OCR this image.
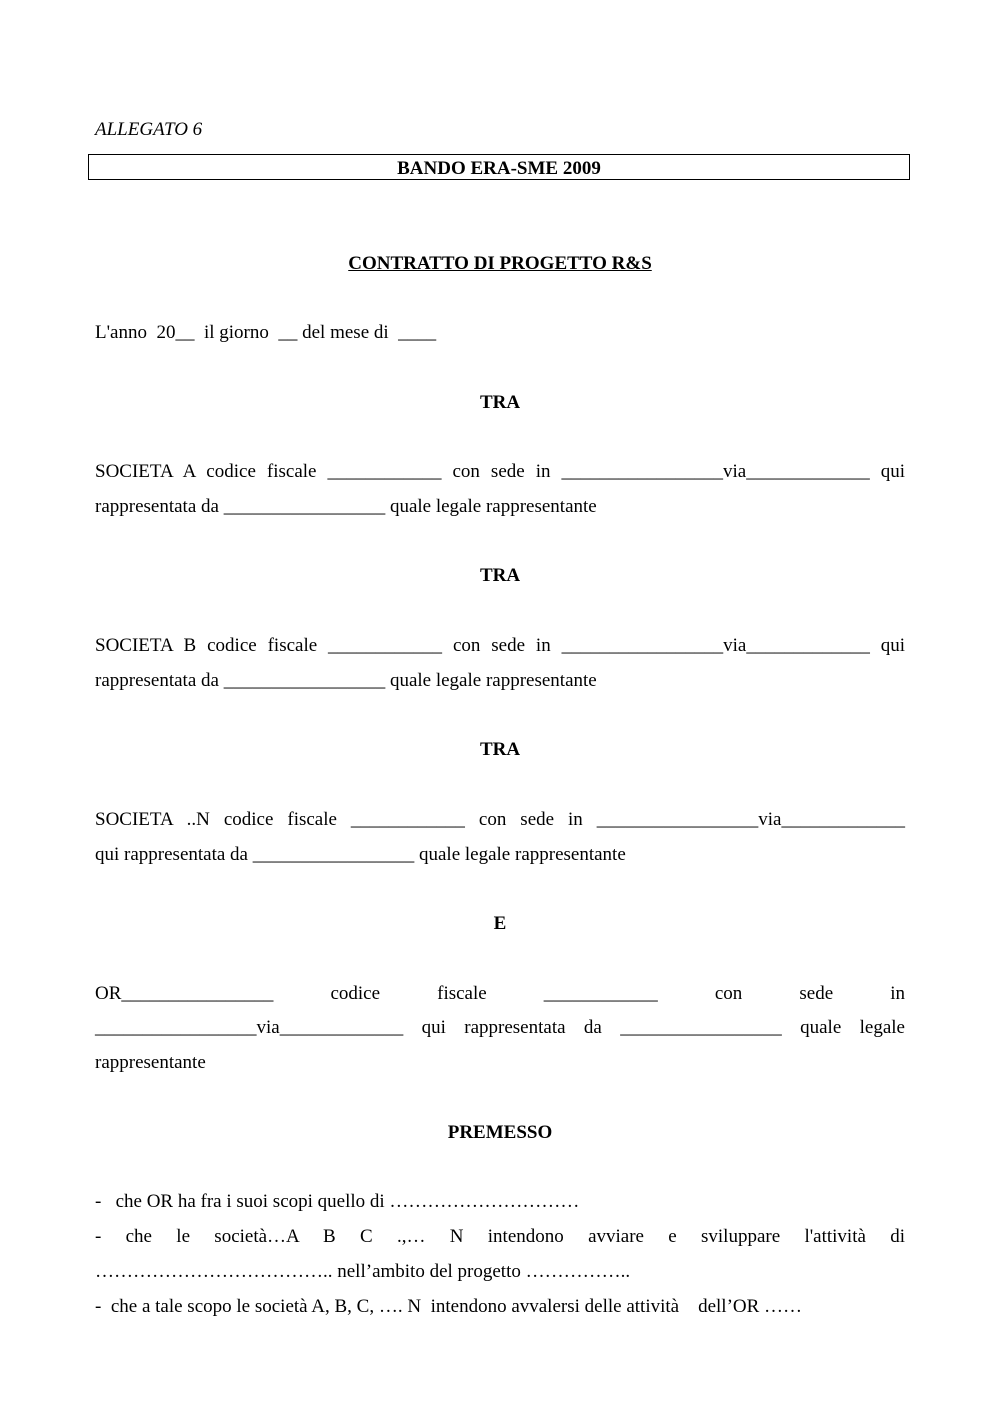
ALLEGATO 6
BANDO ERA-SME 2009
CONTRATTO DI PROGETTO R&S
L'anno  20__  il giorno  __ del mese di  ____
TRA
SOCIETA A codice fiscale ____________ con sede in _________________via_____________ qui
rappresentata da _________________ quale legale rappresentante
TRA
SOCIETA B codice fiscale ____________ con sede in _________________via_____________ qui
rappresentata da _________________ quale legale rappresentante
TRA
SOCIETA ..N codice fiscale ____________ con sede in _________________via_____________
qui rappresentata da _________________ quale legale rappresentante
E
OR________________ codice fiscale ____________ con sede in
_________________via_____________ qui rappresentata da _________________ quale legale
rappresentante
PREMESSO
-   che OR ha fra i suoi scopi quello di …………………………
- che le società…A B C .,… N intendono avviare e sviluppare l'attività di
……………………………….. nell’ambito del progetto ……………..
-  che a tale scopo le società A, B, C, …. N  intendono avvalersi delle attività    dell’OR ……
